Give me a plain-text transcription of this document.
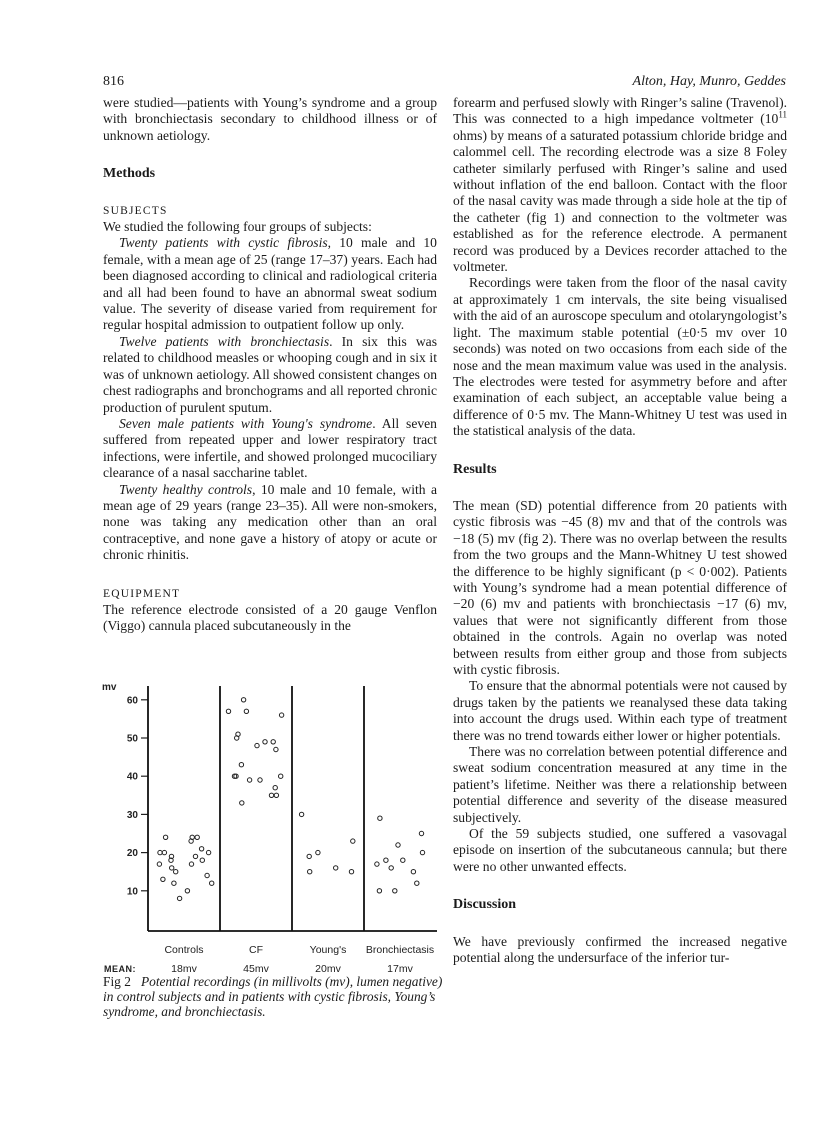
816	Alton, Hay, Munro, Geddes

were studied—patients with Young’s syndrome and a group with bronchiectasis secondary to childhood illness or of unknown aetiology.

Methods
SUBJECTS

We studied the following four groups of subjects:

Twenty patients with cystic fibrosis, 10 male and 10 female, with a mean age of 25 (range 17–37) years. Each had been diagnosed according to clinical and radiological criteria and all had been found to have an abnormal sweat sodium value. The severity of disease varied from requirement for regular hospital admission to outpatient follow up only.

Twelve patients with bronchiectasis. In six this was related to childhood measles or whooping cough and in six it was of unknown aetiology. All showed consistent changes on chest radiographs and bronchograms and all reported chronic production of purulent sputum.

Seven male patients with Young's syndrome. All seven suffered from repeated upper and lower respiratory tract infections, were infertile, and showed prolonged mucociliary clearance of a nasal saccharine tablet.

Twenty healthy controls, 10 male and 10 female, with a mean age of 29 years (range 23–35). All were non-smokers, none was taking any medication other than an oral contraceptive, and none gave a history of atopy or acute or chronic rhinitis.

EQUIPMENT

The reference electrode consisted of a 20 gauge Venflon (Viggo) cannula placed subcutaneously in the

mv
10
20
30
40
50
60
Controls
18mv
CF
45mv
Young's
20mv
Bronchiectasis
17mv
MEAN:
Fig 2 Potential recordings (in millivolts (mv), lumen negative) in control subjects and in patients with cystic fibrosis, Young’s syndrome, and bronchiectasis.

forearm and perfused slowly with Ringer’s saline (Travenol). This was connected to a high impedance voltmeter ($10^{11}$ ohms) by means of a saturated potassium chloride bridge and calommel cell. The recording electrode was a size 8 Foley catheter similarly perfused with Ringer’s saline and used without inflation of the end balloon. Contact with the floor of the nasal cavity was made through a side hole at the tip of the catheter (fig 1) and connection to the voltmeter was established as for the reference electrode. A permanent record was produced by a Devices recorder attached to the voltmeter.

Recordings were taken from the floor of the nasal cavity at approximately 1 cm intervals, the site being visualised with the aid of an auroscope speculum and otolaryngologist’s light. The maximum stable potential (±0·5 mv over 10 seconds) was noted on two occasions from each side of the nose and the mean maximum value was used in the analysis. The electrodes were tested for asymmetry before and after examination of each subject, an acceptable value being a difference of 0·5 mv. The Mann-Whitney U test was used in the statistical analysis of the data.

Results

The mean (SD) potential difference from 20 patients with cystic fibrosis was −45 (8) mv and that of the controls was −18 (5) mv (fig 2). There was no overlap between the results from the two groups and the Mann-Whitney U test showed the difference to be highly significant (p < 0·002). Patients with Young’s syndrome had a mean potential difference of −20 (6) mv and patients with bronchiectasis −17 (6) mv, values that were not significantly different from those obtained in the controls. Again no overlap was noted between results from either group and those from subjects with cystic fibrosis.

To ensure that the abnormal potentials were not caused by drugs taken by the patients we reanalysed these data taking into account the drugs used. Within each type of treatment there was no trend towards either lower or higher potentials.

There was no correlation between potential difference and sweat sodium concentration measured at any time in the patient’s lifetime. Neither was there a relationship between potential difference and severity of the disease measured subjectively.

Of the 59 subjects studied, one suffered a vasovagal episode on insertion of the subcutaneous cannula; but there were no other unwanted effects.

Discussion

We have previously confirmed the increased negative potential along the undersurface of the inferior tur-
